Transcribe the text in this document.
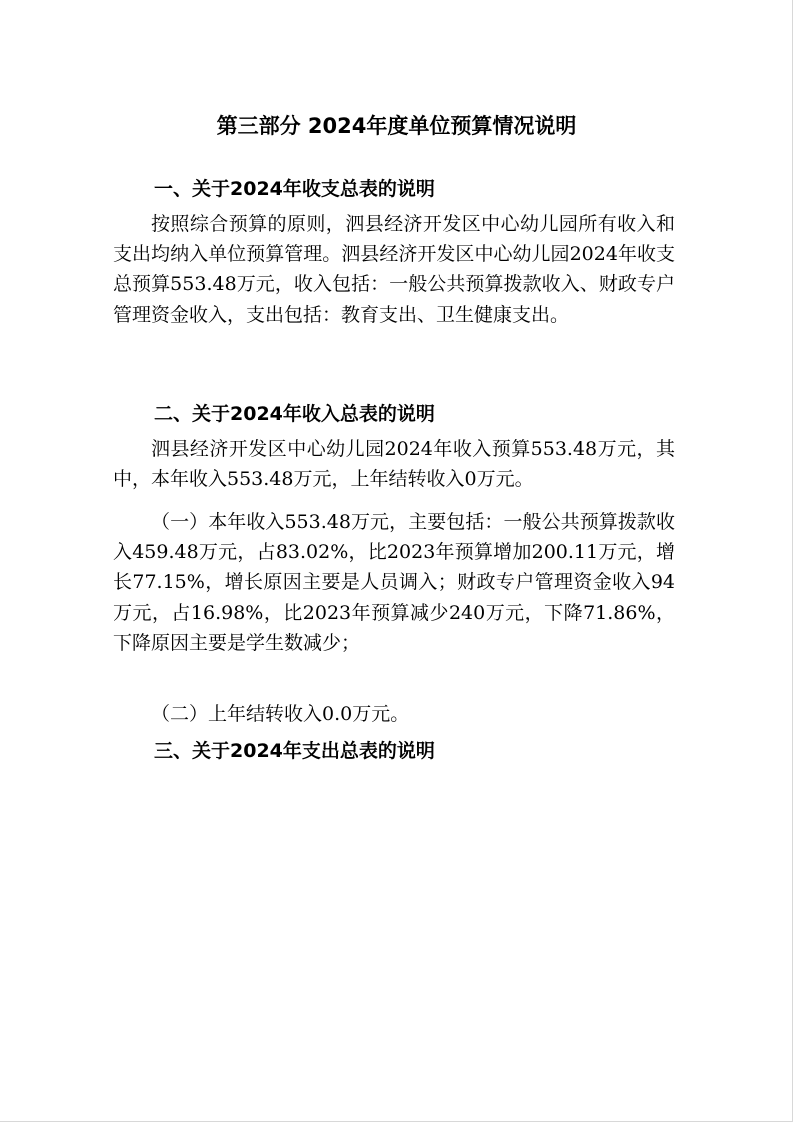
第三部分 2024年度单位预算情况说明
一、关于2024年收支总表的说明
按照综合预算的原则，泗县经济开发区中心幼儿园所有收入和支出均纳入单位预算管理。泗县经济开发区中心幼儿园2024年收支总预算553.48万元，收入包括：一般公共预算拨款收入、财政专户管理资金收入，支出包括：教育支出、卫生健康支出。
二、关于2024年收入总表的说明
泗县经济开发区中心幼儿园2024年收入预算553.48万元，其中，本年收入553.48万元，上年结转收入0万元。
（一）本年收入553.48万元，主要包括：一般公共预算拨款收入459.48万元，占83.02%，比2023年预算增加200.11万元，增长77.15%，增长原因主要是人员调入；财政专户管理资金收入94万元，占16.98%，比2023年预算减少240万元，下降71.86%，下降原因主要是学生数减少；
（二）上年结转收入0.0万元。
三、关于2024年支出总表的说明
